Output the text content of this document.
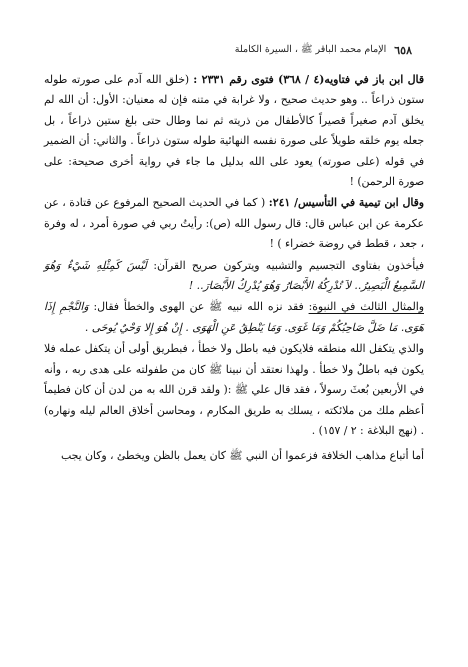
٦٥٨
الإمام محمد الباقر ﷺ ، السيرة الكاملة

قال ابن باز في فتاويه(٤ / ٣٦٨) فتوى رقم ٢٣٣١ : (خلق الله آدم على صورته طوله ستون ذراعاً .. وهو حديث صحيح ، ولا غرابة في متنه فإن له معنيان: الأول: أن الله لم يخلق آدم صغيراً قصيراً كالأطفال من ذريته ثم نما وطال حتى بلغ ستين ذراعاً ، بل جعله يوم خلقه طويلاً على صورة نفسه النهائية طوله ستون ذراعاً . والثاني: أن الضمير في قوله (على صورته) يعود على الله بدليل ما جاء في رواية أخرى صحيحة: على صورة الرحمن) !

وقال ابن تيمية في التأسيس/ ٢٤١: ( كما في الحديث الصحيح المرفوع عن قتادة ، عن عكرمة عن ابن عباس قال: قال رسول الله (ص): رأيتُ ربي في صورة أمرد ، له وفرة ، جعد ، قطط في روضة خضراء ) !

فيأخذون بفتاوى التجسيم والتشبيه ويتركون صريح القرآن: لَيْسَ كَمِثْلِهِ شَيْءٌ وَهُوَ السَّمِيعُ الْبَصِيرُ.. لاَ تُدْرِكُهُ الأَبْصَارُ وَهُوَ يُدْرِكُ الأَبْصَارَ.. !

والمثال الثالث في النبوة: فقد نزه الله نبيه ﷺ عن الهوى والخطأ فقال: وَالنَّجْمِ إِذَا هَوَى. مَا ضَلَّ صَاحِبُكُمْ وَمَا غَوَى. وَمَا يَنْطِقُ عَنِ الْهَوَى . إِنْ هُوَ إِلا وَحْيٌ يُوحَى .

والذي يتكفل الله منطقه فلايكون فيه باطل ولا خطأ ، فبطريق أولى أن يتكفل عمله فلا يكون فيه باطلٌ ولا خطأ . ولهذا نعتقد أن نبينا ﷺ كان من طفولته على هدى ربه ، وأنه في الأربعين بُعثَ رسولاً ، فقد قال علي ﷺ :( ولقد قرن الله به من لدن أن كان فطيماً أعظم ملك من ملائكته ، يسلك به طريق المكارم ، ومحاسن أخلاق العالم ليله ونهاره) . (نهج البلاغة : ٢ / ١٥٧) .

أما أتباع مذاهب الخلافة فزعموا أن النبي ﷺ كان يعمل بالظن ويخطئ ، وكان يجب
